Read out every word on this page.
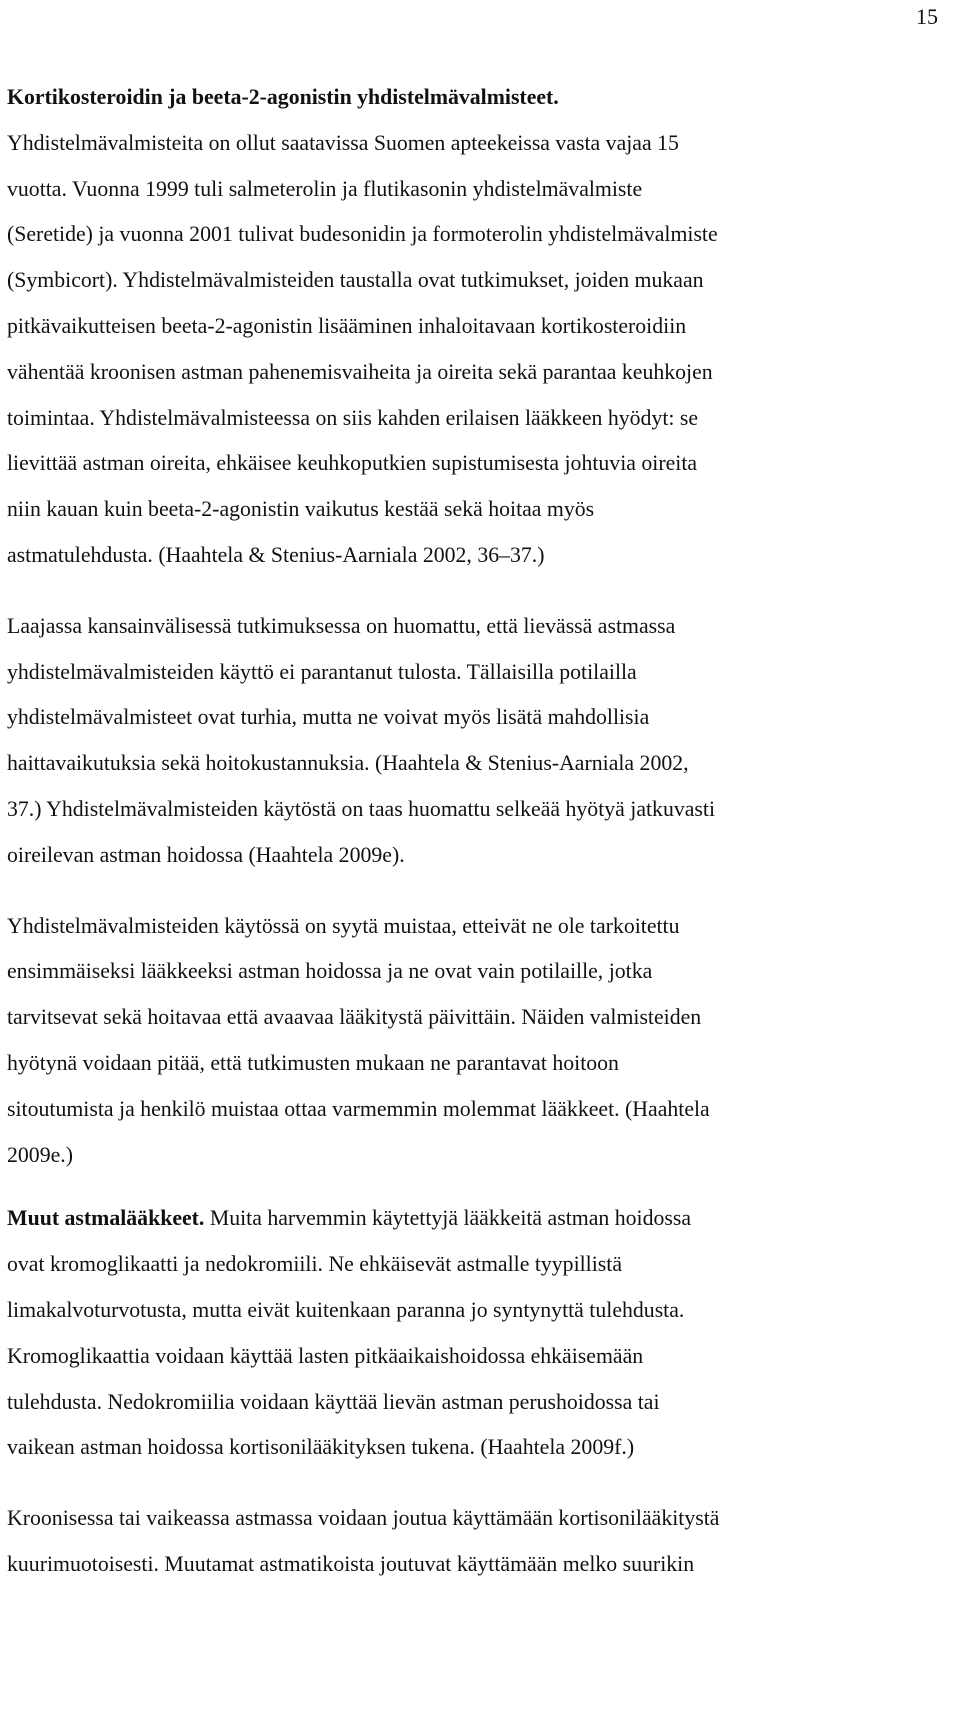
15
Kortikosteroidin ja beeta-2-agonistin yhdistelmävalmisteet.
Yhdistelmävalmisteita on ollut saatavissa Suomen apteekeissa vasta vajaa 15
vuotta. Vuonna 1999 tuli salmeterolin ja flutikasonin yhdistelmävalmiste
(Seretide) ja vuonna 2001 tulivat budesonidin ja formoterolin yhdistelmävalmiste
(Symbicort). Yhdistelmävalmisteiden taustalla ovat tutkimukset, joiden mukaan
pitkävaikutteisen beeta-2-agonistin lisääminen inhaloitavaan kortikosteroidiin
vähentää kroonisen astman pahenemisvaiheita ja oireita sekä parantaa keuhkojen
toimintaa. Yhdistelmävalmisteessa on siis kahden erilaisen lääkkeen hyödyt: se
lievittää astman oireita, ehkäisee keuhkoputkien supistumisesta johtuvia oireita
niin kauan kuin beeta-2-agonistin vaikutus kestää sekä hoitaa myös
astmatulehdusta. (Haahtela & Stenius-Aarniala 2002, 36–37.)
Laajassa kansainvälisessä tutkimuksessa on huomattu, että lievässä astmassa
yhdistelmävalmisteiden käyttö ei parantanut tulosta. Tällaisilla potilailla
yhdistelmävalmisteet ovat turhia, mutta ne voivat myös lisätä mahdollisia
haittavaikutuksia sekä hoitokustannuksia. (Haahtela & Stenius-Aarniala 2002,
37.) Yhdistelmävalmisteiden käytöstä on taas huomattu selkeää hyötyä jatkuvasti
oireilevan astman hoidossa (Haahtela 2009e).
Yhdistelmävalmisteiden käytössä on syytä muistaa, etteivät ne ole tarkoitettu
ensimmäiseksi lääkkeeksi astman hoidossa ja ne ovat vain potilaille, jotka
tarvitsevat sekä hoitavaa että avaavaa lääkitystä päivittäin. Näiden valmisteiden
hyötynä voidaan pitää, että tutkimusten mukaan ne parantavat hoitoon
sitoutumista ja henkilö muistaa ottaa varmemmin molemmat lääkkeet. (Haahtela
2009e.)
Muut astmalääkkeet. Muita harvemmin käytettyjä lääkkeitä astman hoidossa
ovat kromoglikaatti ja nedokromiili. Ne ehkäisevät astmalle tyypillistä
limakalvoturvotusta, mutta eivät kuitenkaan paranna jo syntynyttä tulehdusta.
Kromoglikaattia voidaan käyttää lasten pitkäaikaishoidossa ehkäisemään
tulehdusta. Nedokromiilia voidaan käyttää lievän astman perushoidossa tai
vaikean astman hoidossa kortisonilääkityksen tukena. (Haahtela 2009f.)
Kroonisessa tai vaikeassa astmassa voidaan joutua käyttämään kortisonilääkitystä
kuurimuotoisesti. Muutamat astmatikoista joutuvat käyttämään melko suurikin
